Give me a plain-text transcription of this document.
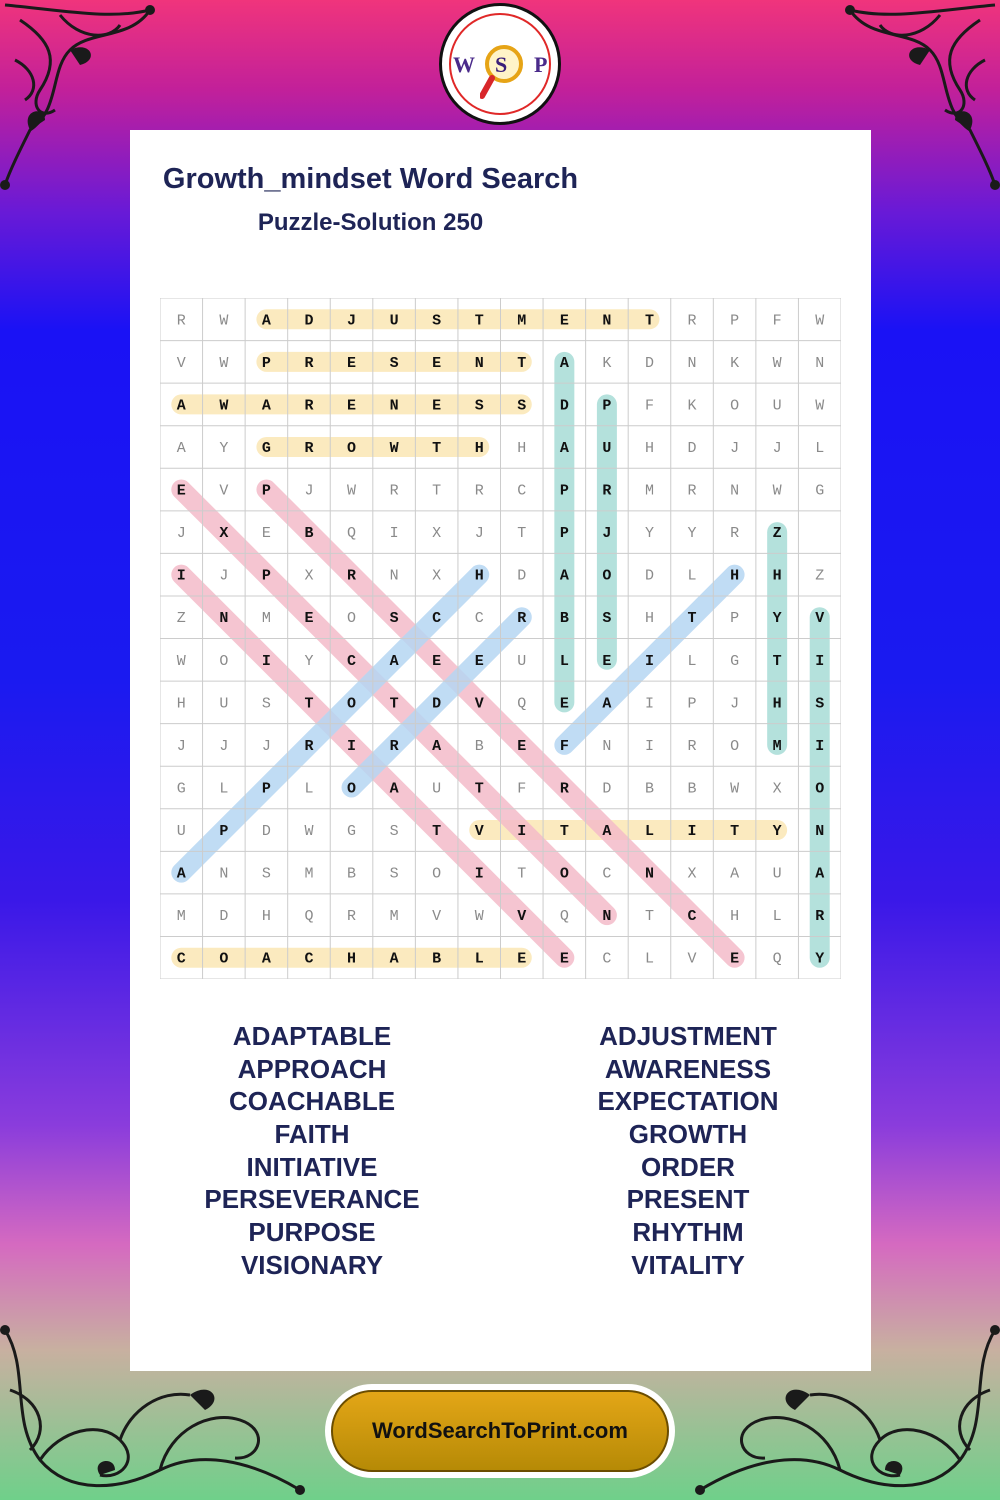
W S P
Growth_mindset Word Search
Puzzle-Solution 250
R W A D J U S T M E N T R P F W
V W P R E S E N T A K D N K W N
A W A R E N E S S D P F K O U W
A Y G R O W T H H A U H D J J L
E V P J W R T R C P R M R N W G
J X E B Q I X J T P J Y Y R Z
I J P X R N X H D A O D L H H Z
Z N M E O S C C R B S H T P Y V
W O I Y C A E E U L E I L G T I
H U S T O T D V Q E A I P J H S
J J J R I R A B E F N I R O M I
G L P L O A U T F R D B B W X O
U P D W G S T V I T A L I T Y N
A N S M B S O I T O C N X A U A
M D H Q R M V W V Q N T C H L R
C O A C H A B L E E C L V E Q Y
ADAPTABLE
APPROACH
COACHABLE
FAITH
INITIATIVE
PERSEVERANCE
PURPOSE
VISIONARY
ADJUSTMENT
AWARENESS
EXPECTATION
GROWTH
ORDER
PRESENT
RHYTHM
VITALITY
WordSearchToPrint.com
